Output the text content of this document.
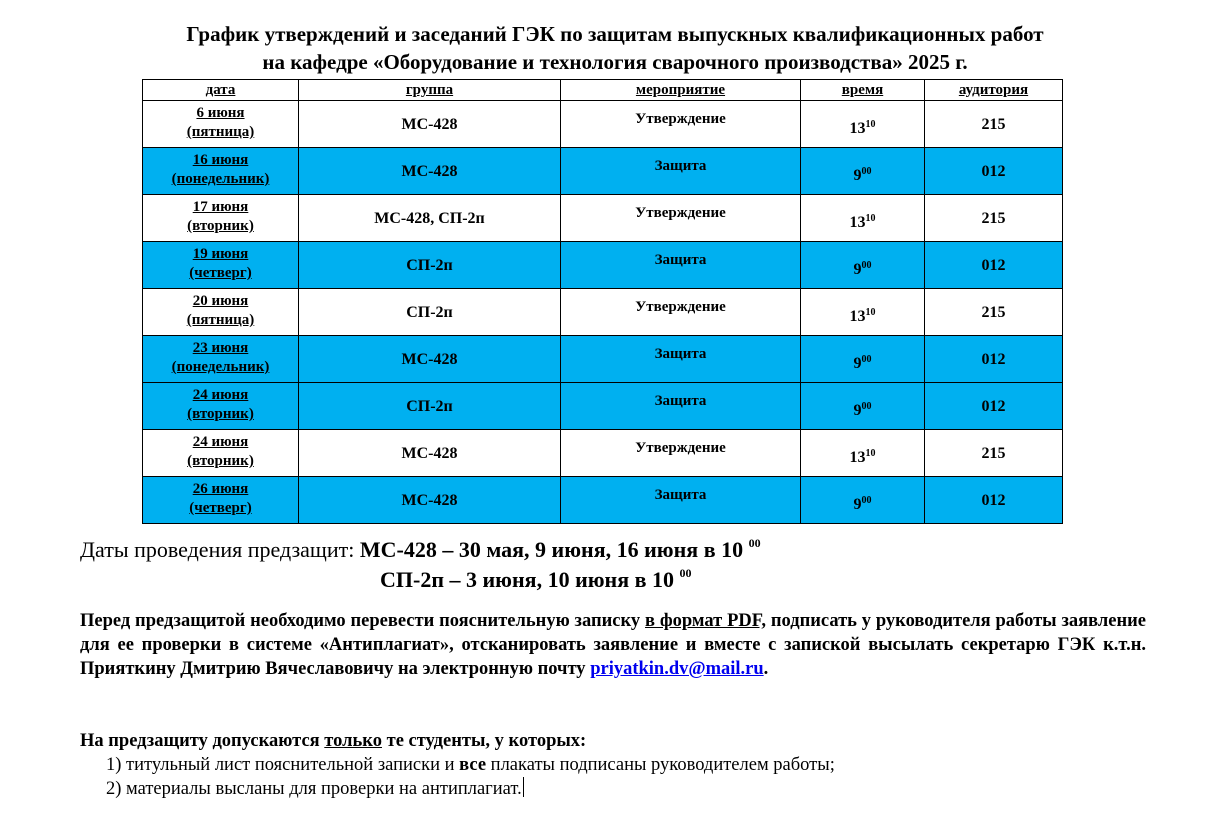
График утверждений и заседаний ГЭК по защитам выпускных квалификационных работ
на кафедре «Оборудование и технология сварочного производства» 2025 г.
дата	группа	мероприятие	время	аудитория

6 июня
(пятница)	МС-428	Утверждение	$13^{10}$	215

16 июня
(понедельник)	МС-428	Защита	$9^{00}$	012

17 июня
(вторник)	МС-428, СП-2п	Утверждение	$13^{10}$	215

19 июня
(четверг)	СП-2п	Защита	$9^{00}$	012

20 июня
(пятница)	СП-2п	Утверждение	$13^{10}$	215

23 июня
(понедельник)	МС-428	Защита	$9^{00}$	012

24 июня
(вторник)	СП-2п	Защита	$9^{00}$	012

24 июня
(вторник)	МС-428	Утверждение	$13^{10}$	215

26 июня
(четверг)	МС-428	Защита	$9^{00}$	012
Даты проведения предзащит: МС-428 – 30 мая, 9 июня, 16 июня в 10 $^{00}$
СП-2п – 3 июня, 10 июня в 10 $^{00}$
Перед предзащитой необходимо перевести пояснительную записку в формат PDF, подписать у руководителя работы заявление для ее проверки в системе «Антиплагиат», отсканировать заявление и вместе с запиской высылать секретарю ГЭК к.т.н. Прияткину Дмитрию Вячеславовичу на электронную почту priyatkin.dv@mail.ru.
На предзащиту допускаются только те студенты, у которых:
1) титульный лист пояснительной записки и все плакаты подписаны руководителем работы;
2) материалы высланы для проверки на антиплагиат.
